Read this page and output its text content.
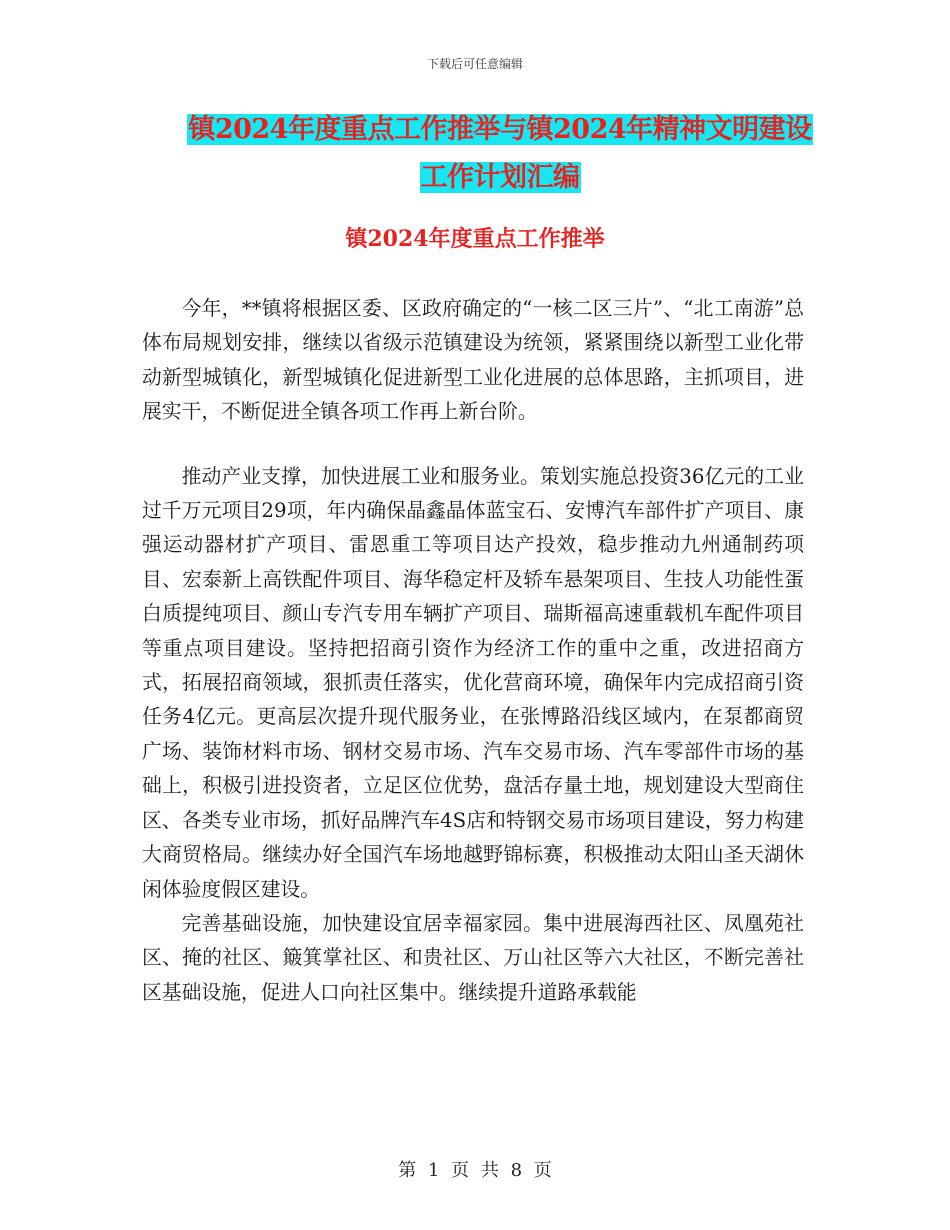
下载后可任意编辑
镇2024年度重点工作推举与镇2024年精神文明建设
工作计划汇编
镇2024年度重点工作推举

今年，**镇将根据区委、区政府确定的“一核二区三片”、“北工南游”总体布局规划安排，继续以省级示范镇建设为统领，紧紧围绕以新型工业化带动新型城镇化，新型城镇化促进新型工业化进展的总体思路，主抓项目，进展实干，不断促进全镇各项工作再上新台阶。

推动产业支撑，加快进展工业和服务业。策划实施总投资36亿元的工业过千万元项目29项，年内确保晶鑫晶体蓝宝石、安博汽车部件扩产项目、康强运动器材扩产项目、雷恩重工等项目达产投效，稳步推动九州通制药项目、宏泰新上高铁配件项目、海华稳定杆及轿车悬架项目、生技人功能性蛋白质提纯项目、颜山专汽专用车辆扩产项目、瑞斯福高速重载机车配件项目等重点项目建设。坚持把招商引资作为经济工作的重中之重，改进招商方式，拓展招商领域，狠抓责任落实，优化营商环境，确保年内完成招商引资任务4亿元。更高层次提升现代服务业，在张博路沿线区域内，在泵都商贸广场、装饰材料市场、钢材交易市场、汽车交易市场、汽车零部件市场的基础上，积极引进投资者，立足区位优势，盘活存量土地，规划建设大型商住区、各类专业市场，抓好品牌汽车4S店和特钢交易市场项目建设，努力构建大商贸格局。继续办好全国汽车场地越野锦标赛，积极推动太阳山圣天湖休闲体验度假区建设。

完善基础设施，加快建设宜居幸福家园。集中进展海西社区、凤凰苑社区、掩的社区、簸箕掌社区、和贵社区、万山社区等六大社区，不断完善社区基础设施，促进人口向社区集中。继续提升道路承载能

第 1 页 共 8 页
